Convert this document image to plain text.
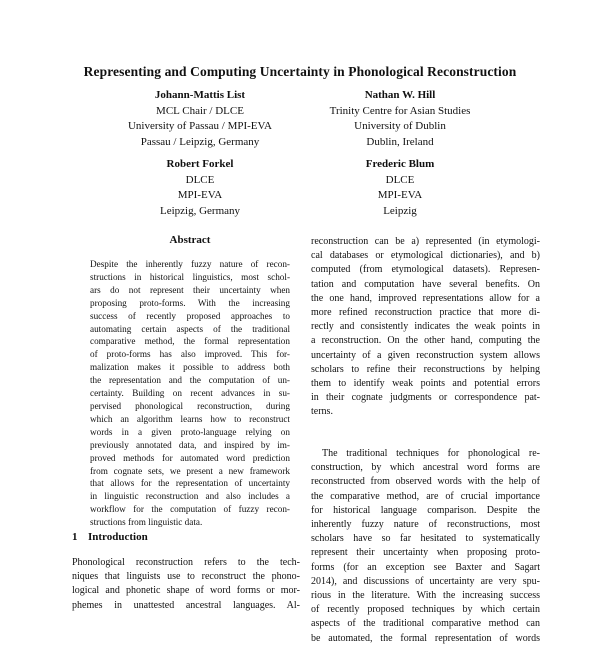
Representing and Computing Uncertainty in Phonological Reconstruction
Johann-Mattis List
MCL Chair / DLCE
University of Passau / MPI-EVA
Passau / Leipzig, Germany
Nathan W. Hill
Trinity Centre for Asian Studies
University of Dublin
Dublin, Ireland
Robert Forkel
DLCE
MPI-EVA
Leipzig, Germany
Frederic Blum
DLCE
MPI-EVA
Leipzig
Abstract
Despite the inherently fuzzy nature of recon-
structions in historical linguistics, most schol-
ars do not represent their uncertainty when
proposing proto-forms. With the increasing
success of recently proposed approaches to
automating certain aspects of the traditional
comparative method, the formal representation
of proto-forms has also improved. This for-
malization makes it possible to address both
the representation and the computation of un-
certainty. Building on recent advances in su-
pervised phonological reconstruction, during
which an algorithm learns how to reconstruct
words in a given proto-language relying on
previously annotated data, and inspired by im-
proved methods for automated word prediction
from cognate sets, we present a new framework
that allows for the representation of uncertainty
in linguistic reconstruction and also includes a
workflow for the computation of fuzzy recon-
structions from linguistic data.
1 Introduction
Phonological reconstruction refers to the tech-
niques that linguists use to reconstruct the phono-
logical and phonetic shape of word forms or mor-
phemes in unattested ancestral languages. Al-
reconstruction can be a) represented (in etymologi-
cal databases or etymological dictionaries), and b)
computed (from etymological datasets). Represen-
tation and computation have several benefits. On
the one hand, improved representations allow for a
more refined reconstruction practice that more di-
rectly and consistently indicates the weak points in
a reconstruction. On the other hand, computing the
uncertainty of a given reconstruction system allows
scholars to refine their reconstructions by helping
them to identify weak points and potential errors
in their cognate judgments or correspondence pat-
terns.
The traditional techniques for phonological re-
construction, by which ancestral word forms are
reconstructed from observed words with the help of
the comparative method, are of crucial importance
for historical language comparison. Despite the
inherently fuzzy nature of reconstructions, most
scholars have so far hesitated to systematically
represent their uncertainty when proposing proto-
forms (for an exception see Baxter and Sagart
2014), and discussions of uncertainty are very spu-
rious in the literature. With the increasing success
of recently proposed techniques by which certain
aspects of the traditional comparative method can
be automated, the formal representation of words
